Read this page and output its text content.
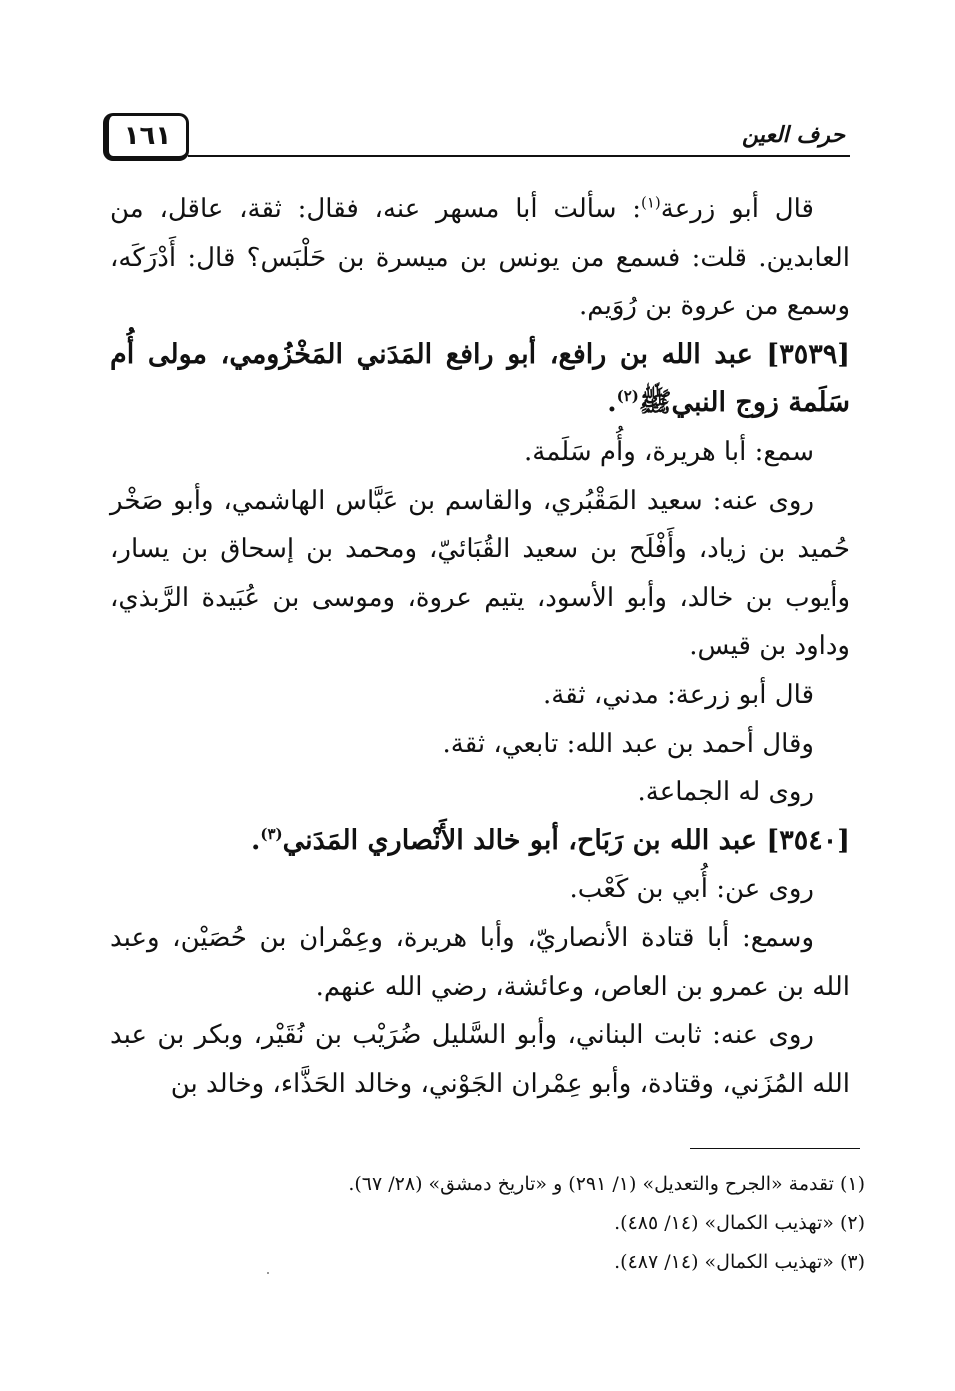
١٦١	حرف العين

قال أبو زرعة$^{(١)}$: سألت أبا مسهر عنه، فقال: ثقة، عاقل، من العابدين. قلت: فسمع من يونس بن ميسرة بن حَلْبَس؟ قال: أَدْرَكَه، وسمع من عروة بن رُوَيم.

[٣٥٣٩] عبد الله بن رافع، أبو رافع المَدَني المَخْزُومي، مولى أُم سَلَمة زوج النبيﷺ$^{(٢)}$.

سمع: أبا هريرة، وأُم سَلَمة.

روى عنه: سعيد المَقْبُري، والقاسم بن عَبَّاس الهاشمي، وأبو صَخْر حُميد بن زياد، وأَفْلَح بن سعيد القُبَائيّ، ومحمد بن إسحاق بن يسار، وأيوب بن خالد، وأبو الأسود، يتيم عروة، وموسى بن عُبَيدة الرَّبذي، وداود بن قيس.

قال أبو زرعة: مدني، ثقة.

وقال أحمد بن عبد الله: تابعي، ثقة.

روى له الجماعة.

[٣٥٤٠] عبد الله بن رَبَاح، أبو خالد الأَنْصاري المَدَني$^{(٣)}$.

روى عن: أُبي بن كَعْب.

وسمع: أبا قتادة الأنصاريّ، وأبا هريرة، وعِمْران بن حُصَيْن، وعبد الله بن عمرو بن العاص، وعائشة، رضي الله عنهم.

روى عنه: ثابت البناني، وأبو السَّليل ضُرَيْب بن نُقَيْر، وبكر بن عبد الله المُزَني، وقتادة، وأبو عِمْران الجَوْني، وخالد الحَذَّاء، وخالد بن

(١) تقدمة «الجرح والتعديل» (١/ ٢٩١) و «تاريخ دمشق» (٢٨/ ٦٧).

(٢) «تهذيب الكمال» (١٤/ ٤٨٥).

(٣) «تهذيب الكمال» (١٤/ ٤٨٧).
